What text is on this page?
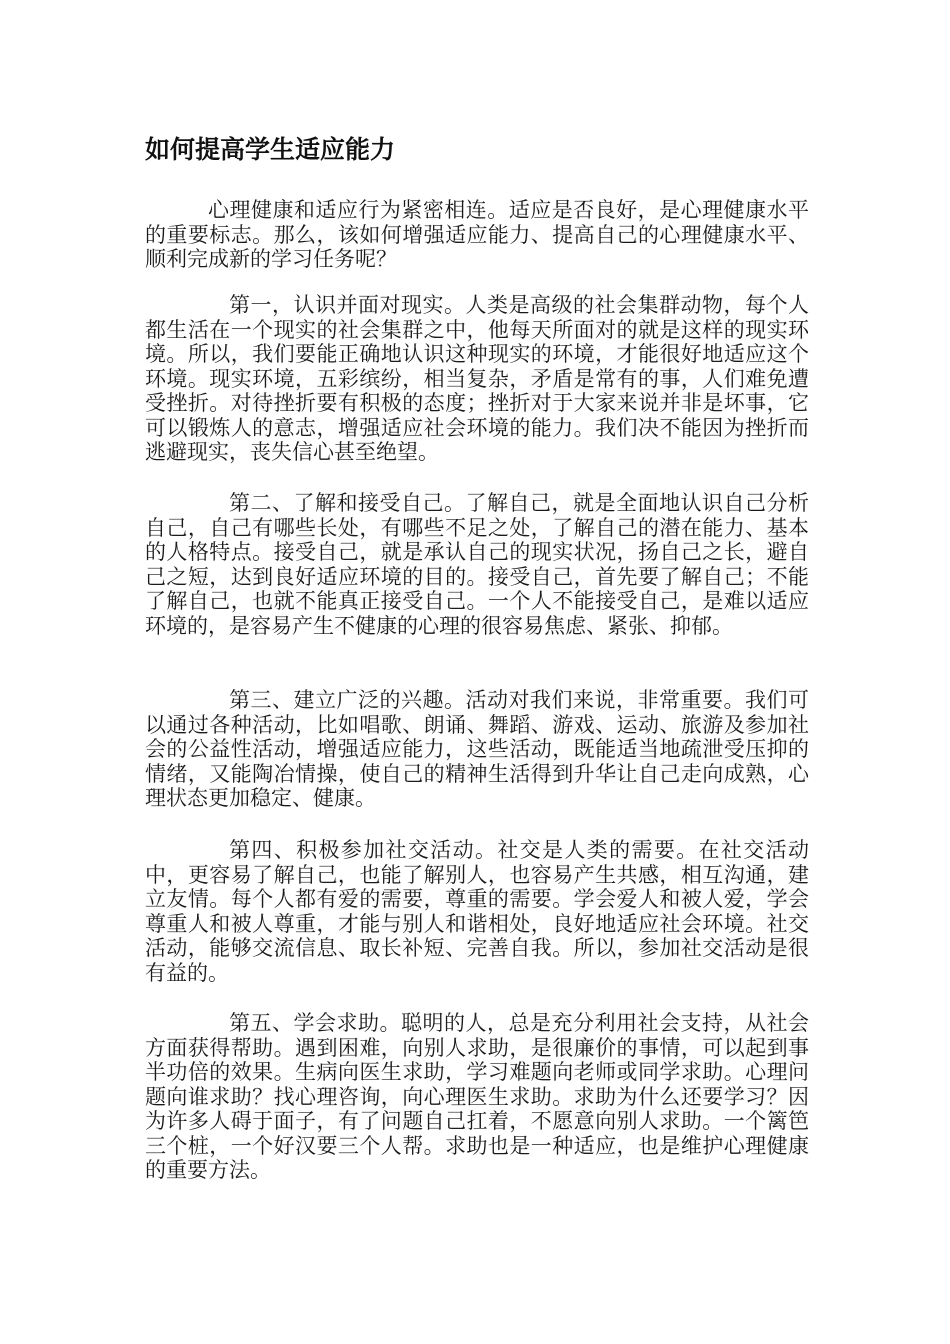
如何提高学生适应能力

心理健康和适应行为紧密相连。适应是否良好，是心理健康水平的重要标志。那么，该如何增强适应能力、提高自己的心理健康水平、顺利完成新的学习任务呢？

第一，认识并面对现实。人类是高级的社会集群动物，每个人都生活在一个现实的社会集群之中，他每天所面对的就是这样的现实环境。所以，我们要能正确地认识这种现实的环境，才能很好地适应这个环境。现实环境，五彩缤纷，相当复杂，矛盾是常有的事，人们难免遭受挫折。对待挫折要有积极的态度；挫折对于大家来说并非是坏事，它可以锻炼人的意志，增强适应社会环境的能力。我们决不能因为挫折而逃避现实，丧失信心甚至绝望。

第二、了解和接受自己。了解自己，就是全面地认识自己分析自己，自己有哪些长处，有哪些不足之处，了解自己的潜在能力、基本的人格特点。接受自己，就是承认自己的现实状况，扬自己之长，避自己之短，达到良好适应环境的目的。接受自己，首先要了解自己；不能了解自己，也就不能真正接受自己。一个人不能接受自己，是难以适应环境的，是容易产生不健康的心理的很容易焦虑、紧张、抑郁。

第三、建立广泛的兴趣。活动对我们来说，非常重要。我们可以通过各种活动，比如唱歌、朗诵、舞蹈、游戏、运动、旅游及参加社会的公益性活动，增强适应能力，这些活动，既能适当地疏泄受压抑的情绪，又能陶冶情操，使自己的精神生活得到升华让自己走向成熟，心理状态更加稳定、健康。

第四、积极参加社交活动。社交是人类的需要。在社交活动中，更容易了解自己，也能了解别人，也容易产生共感，相互沟通，建立友情。每个人都有爱的需要，尊重的需要。学会爱人和被人爱，学会尊重人和被人尊重，才能与别人和谐相处，良好地适应社会环境。社交活动，能够交流信息、取长补短、完善自我。所以，参加社交活动是很有益的。

第五、学会求助。聪明的人，总是充分利用社会支持，从社会方面获得帮助。遇到困难，向别人求助，是很廉价的事情，可以起到事半功倍的效果。生病向医生求助，学习难题向老师或同学求助。心理问题向谁求助？找心理咨询，向心理医生求助。求助为什么还要学习？因为许多人碍于面子，有了问题自己扛着，不愿意向别人求助。一个篱笆三个桩，一个好汉要三个人帮。求助也是一种适应，也是维护心理健康的重要方法。
